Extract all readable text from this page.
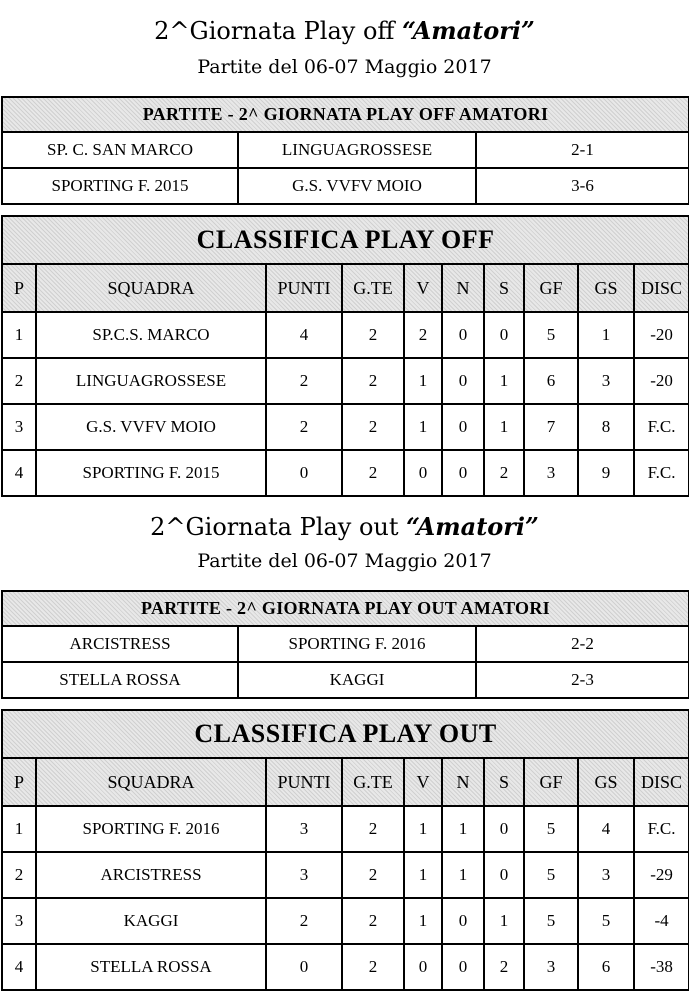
2^Giornata Play off “Amatori”
Partite del 06-07 Maggio 2017
PARTITE - 2^ GIORNATA PLAY OFF AMATORI		
SP. C. SAN MARCO	LINGUAGROSSESE	2-1
SPORTING F. 2015	G.S. VVFV MOIO	3-6
CLASSIFICA PLAY OFF									
P	SQUADRA	PUNTI	G.TE	V	N	S	GF	GS	DISC
1	SP.C.S. MARCO	4	2	2	0	0	5	1	-20
2	LINGUAGROSSESE	2	2	1	0	1	6	3	-20
3	G.S. VVFV MOIO	2	2	1	0	1	7	8	F.C.
4	SPORTING F. 2015	0	2	0	0	2	3	9	F.C.
2^Giornata Play out “Amatori”
Partite del 06-07 Maggio 2017
PARTITE - 2^ GIORNATA PLAY OUT AMATORI		
ARCISTRESS	SPORTING F. 2016	2-2
STELLA ROSSA	KAGGI	2-3
CLASSIFICA PLAY OUT									
P	SQUADRA	PUNTI	G.TE	V	N	S	GF	GS	DISC
1	SPORTING F. 2016	3	2	1	1	0	5	4	F.C.
2	ARCISTRESS	3	2	1	1	0	5	3	-29
3	KAGGI	2	2	1	0	1	5	5	-4
4	STELLA ROSSA	0	2	0	0	2	3	6	-38
